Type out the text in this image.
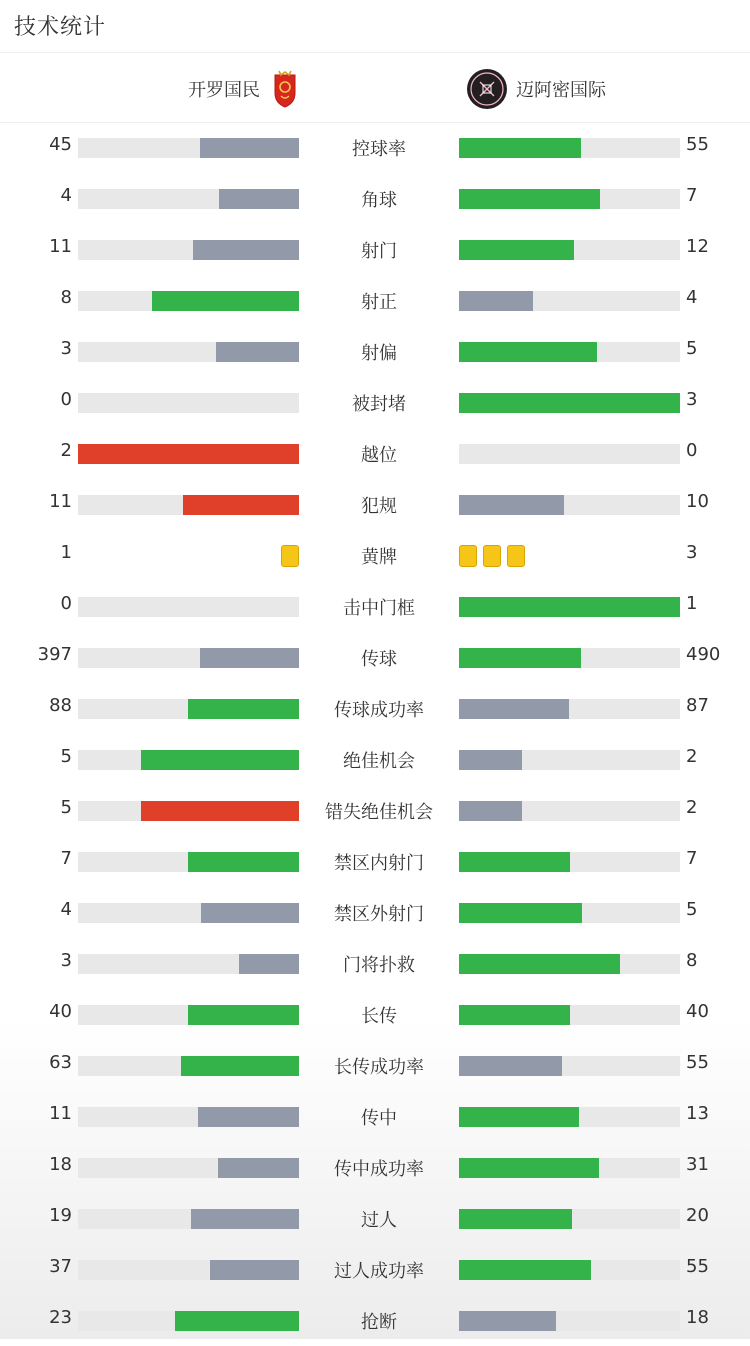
技术统计
开罗国民	迈阿密国际
45	控球率	55
4	角球	7
11	射门	12
8	射正	4
3	射偏	5
0	被封堵	3
2	越位	0
11	犯规	10
1	黄牌	3
0	击中门框	1
397	传球	490
88	传球成功率	87
5	绝佳机会	2
5	错失绝佳机会	2
7	禁区内射门	7
4	禁区外射门	5
3	门将扑救	8
40	长传	40
63	长传成功率	55
11	传中	13
18	传中成功率	31
19	过人	20
37	过人成功率	55
23	抢断	18
